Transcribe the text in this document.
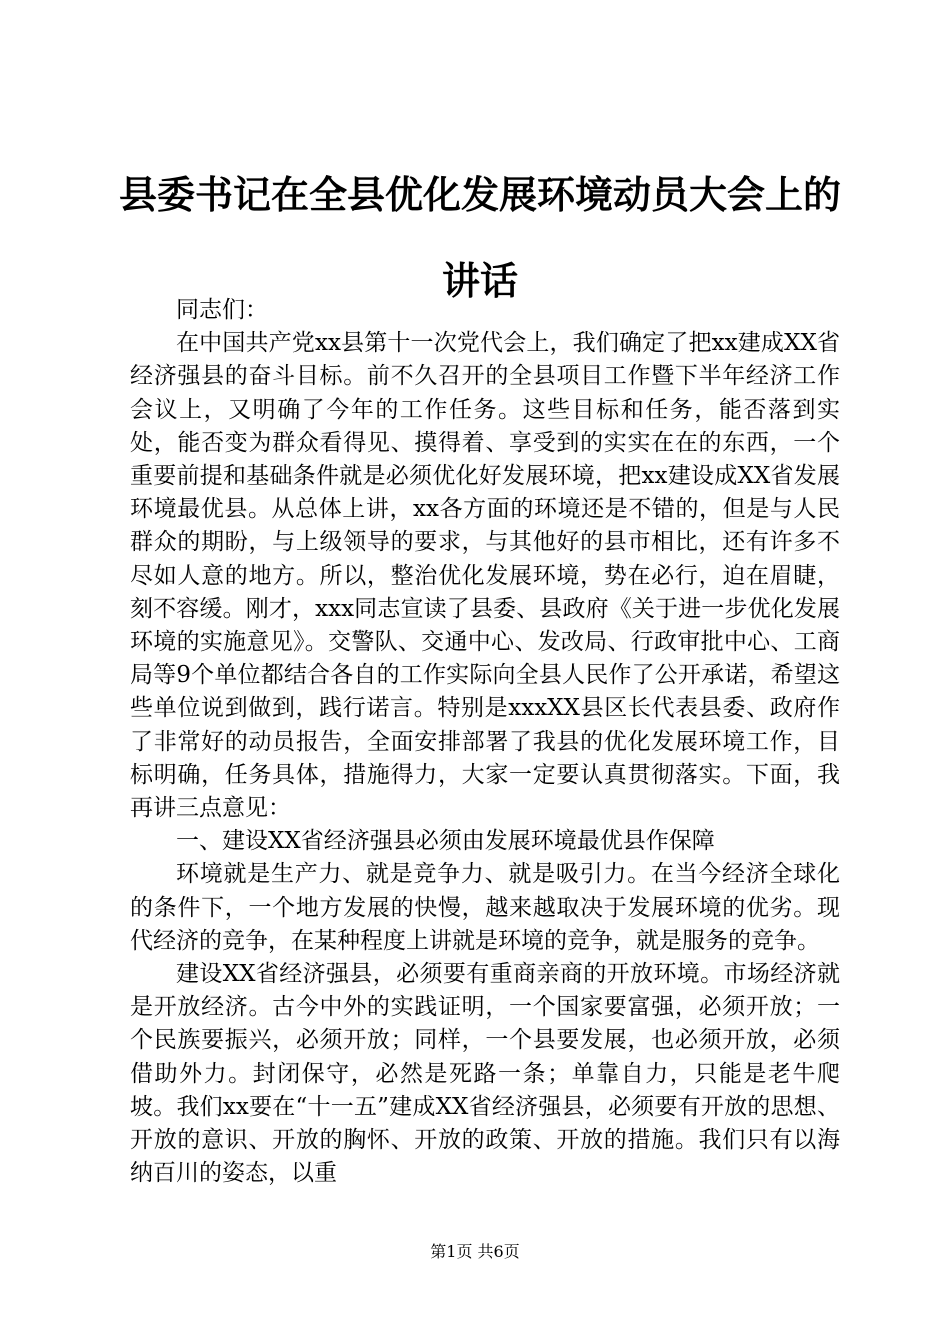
县委书记在全县优化发展环境动员大会上的讲话

同志们：

在中国共产党xx县第十一次党代会上，我们确定了把xx建成XX省经济强县的奋斗目标。前不久召开的全县项目工作暨下半年经济工作会议上，又明确了今年的工作任务。这些目标和任务，能否落到实处，能否变为群众看得见、摸得着、享受到的实实在在的东西，一个重要前提和基础条件就是必须优化好发展环境，把xx建设成XX省发展环境最优县。从总体上讲，xx各方面的环境还是不错的，但是与人民群众的期盼，与上级领导的要求，与其他好的县市相比，还有许多不尽如人意的地方。所以，整治优化发展环境，势在必行，迫在眉睫，刻不容缓。刚才，xxx同志宣读了县委、县政府《关于进一步优化发展环境的实施意见》。交警队、交通中心、发改局、行政审批中心、工商局等9个单位都结合各自的工作实际向全县人民作了公开承诺，希望这些单位说到做到，践行诺言。特别是xxxXX县区长代表县委、政府作了非常好的动员报告，全面安排部署了我县的优化发展环境工作，目标明确，任务具体，措施得力，大家一定要认真贯彻落实。下面，我再讲三点意见：

一、建设XX省经济强县必须由发展环境最优县作保障

环境就是生产力、就是竞争力、就是吸引力。在当今经济全球化的条件下，一个地方发展的快慢，越来越取决于发展环境的优劣。现代经济的竞争，在某种程度上讲就是环境的竞争，就是服务的竞争。

建设XX省经济强县，必须要有重商亲商的开放环境。市场经济就是开放经济。古今中外的实践证明，一个国家要富强，必须开放；一个民族要振兴，必须开放；同样，一个县要发展，也必须开放，必须借助外力。封闭保守，必然是死路一条；单靠自力，只能是老牛爬坡。我们xx要在“十一五”建成XX省经济强县，必须要有开放的思想、开放的意识、开放的胸怀、开放的政策、开放的措施。我们只有以海纳百川的姿态，以重

第1页 共6页
